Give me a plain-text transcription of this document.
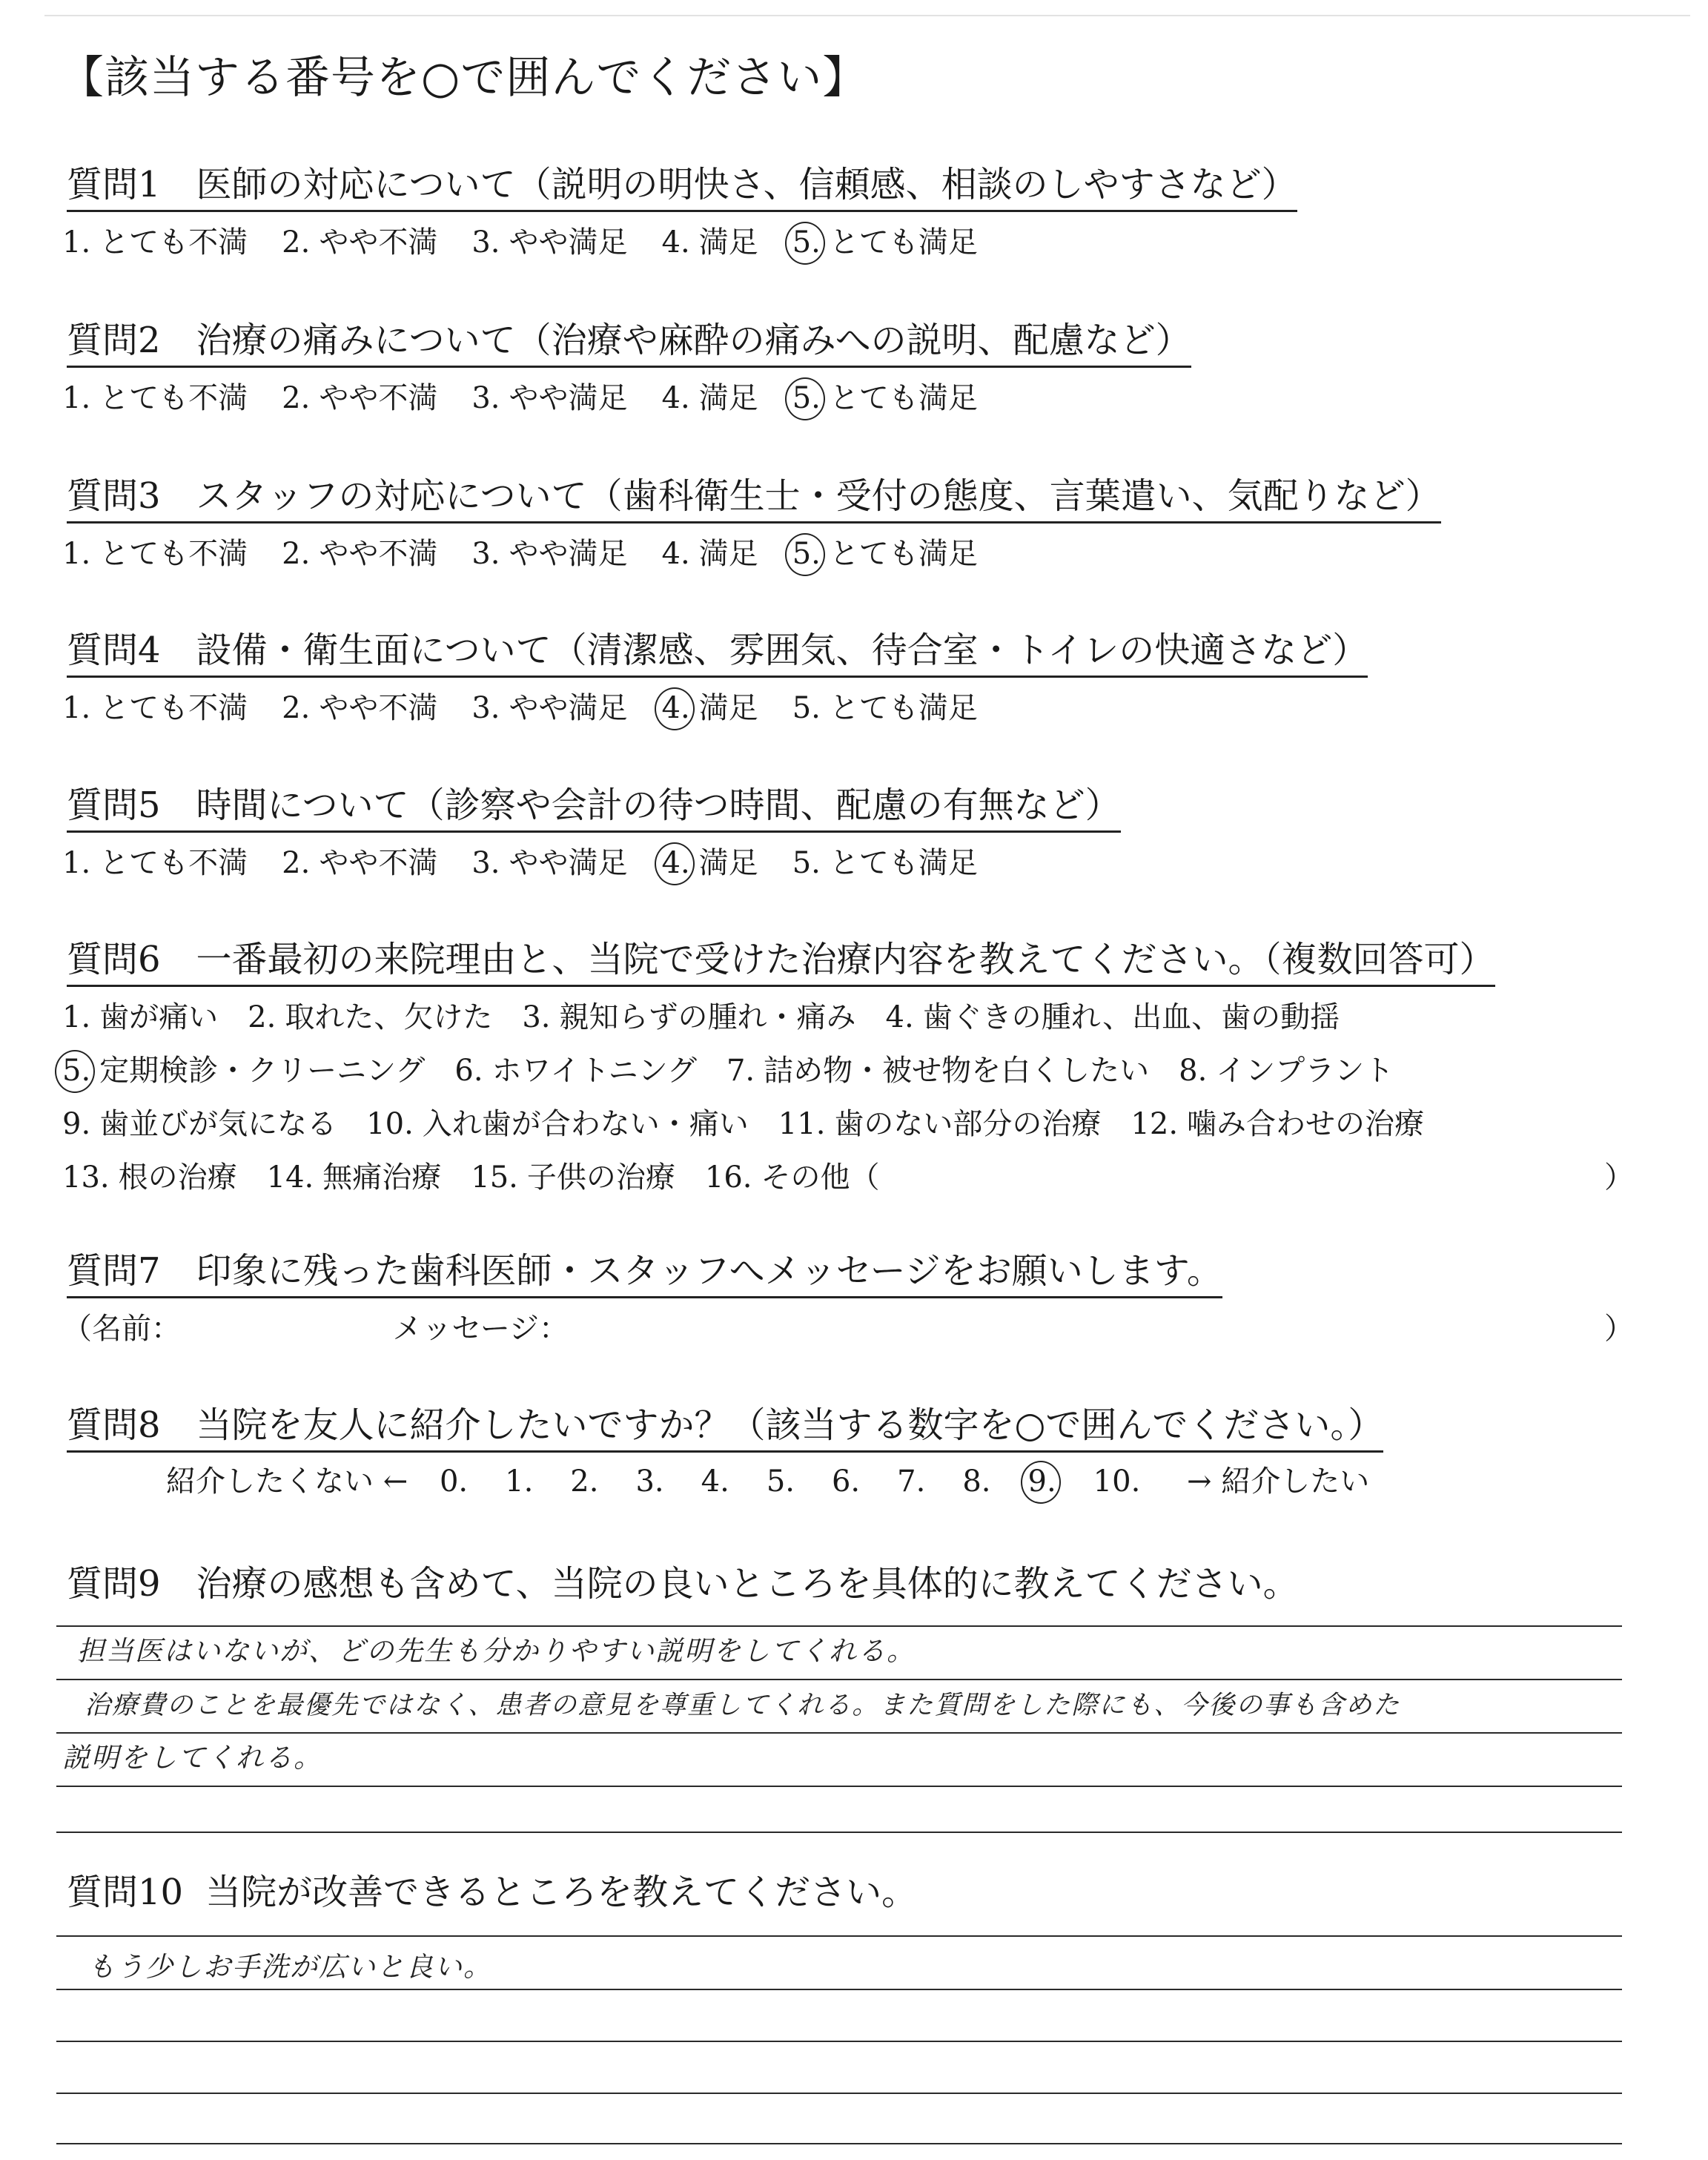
【該当する番号を○で囲んでください】
質問1 医師の対応について（説明の明快さ、信頼感、相談のしやすさなど）
1. とても不満 2. やや不満 3. やや満足 4. 満足 5. とても満足
質問2 治療の痛みについて（治療や麻酔の痛みへの説明、配慮など）
1. とても不満 2. やや不満 3. やや満足 4. 満足 5. とても満足
質問3 スタッフの対応について（歯科衛生士・受付の態度、言葉遣い、気配りなど）
1. とても不満 2. やや不満 3. やや満足 4. 満足 5. とても満足
質問4 設備・衛生面について（清潔感、雰囲気、待合室・トイレの快適さなど）
1. とても不満 2. やや不満 3. やや満足 4. 満足 5. とても満足
質問5 時間について（診察や会計の待つ時間、配慮の有無など）
1. とても不満 2. やや不満 3. やや満足 4. 満足 5. とても満足
質問6 一番最初の来院理由と、当院で受けた治療内容を教えてください。（複数回答可）
1. 歯が痛い 2. 取れた、欠けた 3. 親知らずの腫れ・痛み 4. 歯ぐきの腫れ、出血、歯の動揺
5. 定期検診・クリーニング 6. ホワイトニング 7. 詰め物・被せ物を白くしたい 8. インプラント
9. 歯並びが気になる 10. 入れ歯が合わない・痛い 11. 歯のない部分の治療 12. 噛み合わせの治療
13. 根の治療 14. 無痛治療 15. 子供の治療 16. その他（	）
質問7 印象に残った歯科医師・スタッフへメッセージをお願いします。
（名前：	メッセージ：	）
質問8 当院を友人に紹介したいですか？（該当する数字を○で囲んでください。）
紹介したくない ← 0. 1. 2. 3. 4. 5. 6. 7. 8. 9. 10. → 紹介したい
質問9 治療の感想も含めて、当院の良いところを具体的に教えてください。
担当医はいないが、どの先生も分かりやすい説明をしてくれる。
治療費のことを最優先ではなく、患者の意見を尊重してくれる。また質問をした際にも、今後の事も含めた
説明をしてくれる。
質問10 当院が改善できるところを教えてください。
もう少しお手洗が広いと良い。
